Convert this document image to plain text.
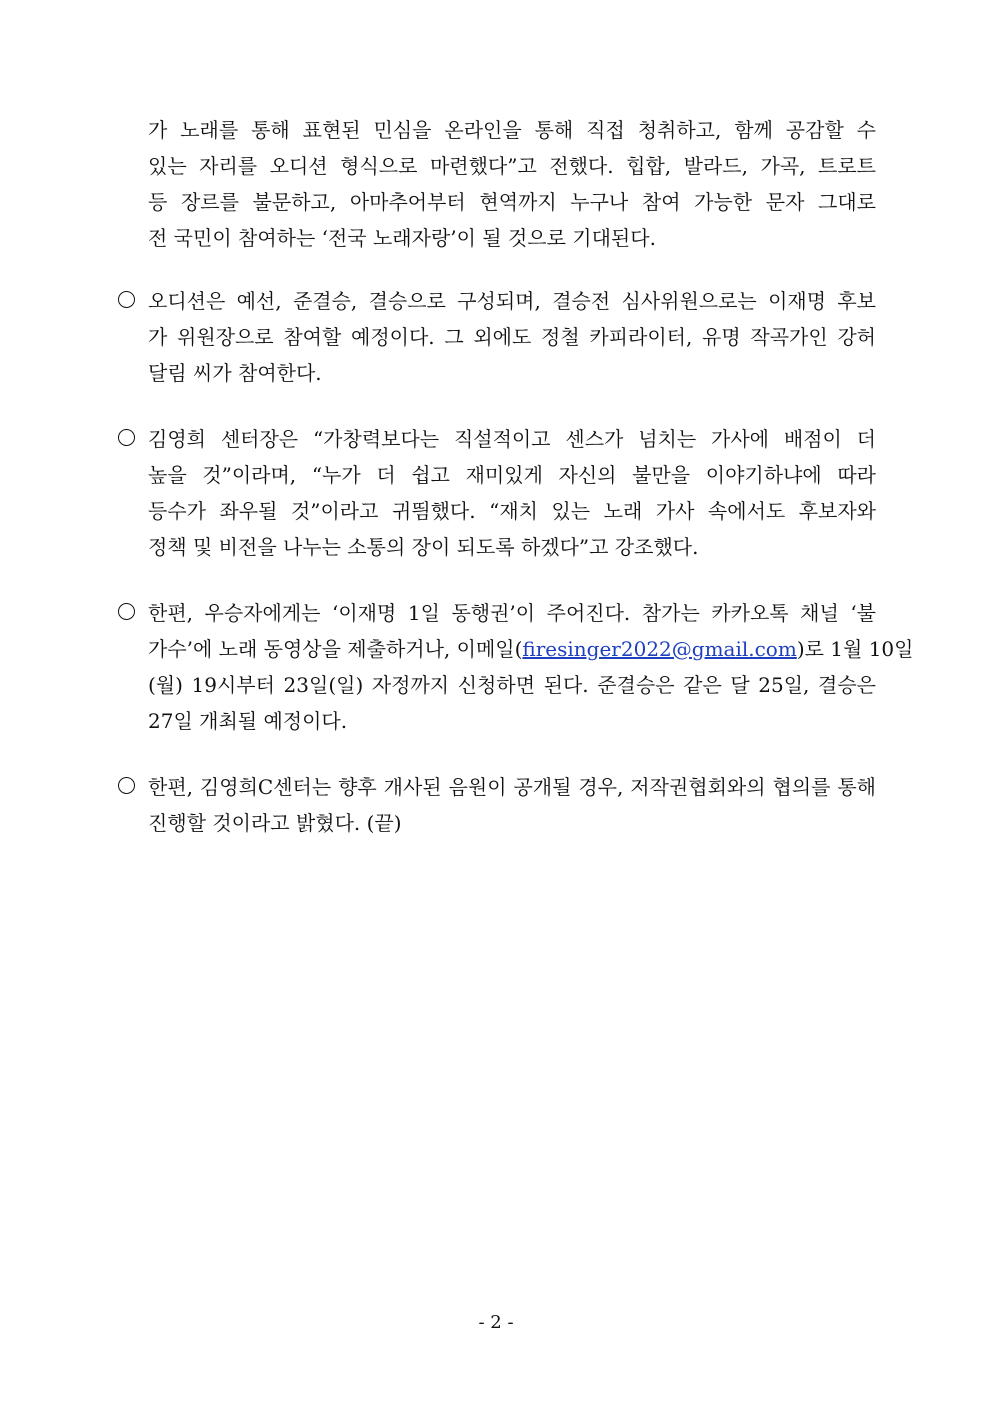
가 노래를 통해 표현된 민심을 온라인을 통해 직접 청취하고, 함께 공감할 수
있는 자리를 오디션 형식으로 마련했다”고 전했다. 힙합, 발라드, 가곡, 트로트
등 장르를 불문하고, 아마추어부터 현역까지 누구나 참여 가능한 문자 그대로
전 국민이 참여하는 ‘전국 노래자랑’이 될 것으로 기대된다.
오디션은 예선, 준결승, 결승으로 구성되며, 결승전 심사위원으로는 이재명 후보
가 위원장으로 참여할 예정이다. 그 외에도 정철 카피라이터, 유명 작곡가인 강허
달림 씨가 참여한다.
김영희 센터장은 “가창력보다는 직설적이고 센스가 넘치는 가사에 배점이 더
높을 것”이라며, “누가 더 쉽고 재미있게 자신의 불만을 이야기하냐에 따라
등수가 좌우될 것”이라고 귀띔했다. “재치 있는 노래 가사 속에서도 후보자와
정책 및 비전을 나누는 소통의 장이 되도록 하겠다”고 강조했다.
한편, 우승자에게는 ‘이재명 1일 동행권’이 주어진다. 참가는 카카오톡 채널 ‘불
가수’에 노래 동영상을 제출하거나, 이메일(firesinger2022@gmail.com)로 1월 10일
(월) 19시부터 23일(일) 자정까지 신청하면 된다. 준결승은 같은 달 25일, 결승은
27일 개최될 예정이다.
한편, 김영희C센터는 향후 개사된 음원이 공개될 경우, 저작권협회와의 협의를 통해
진행할 것이라고 밝혔다. (끝)
- 2 -
